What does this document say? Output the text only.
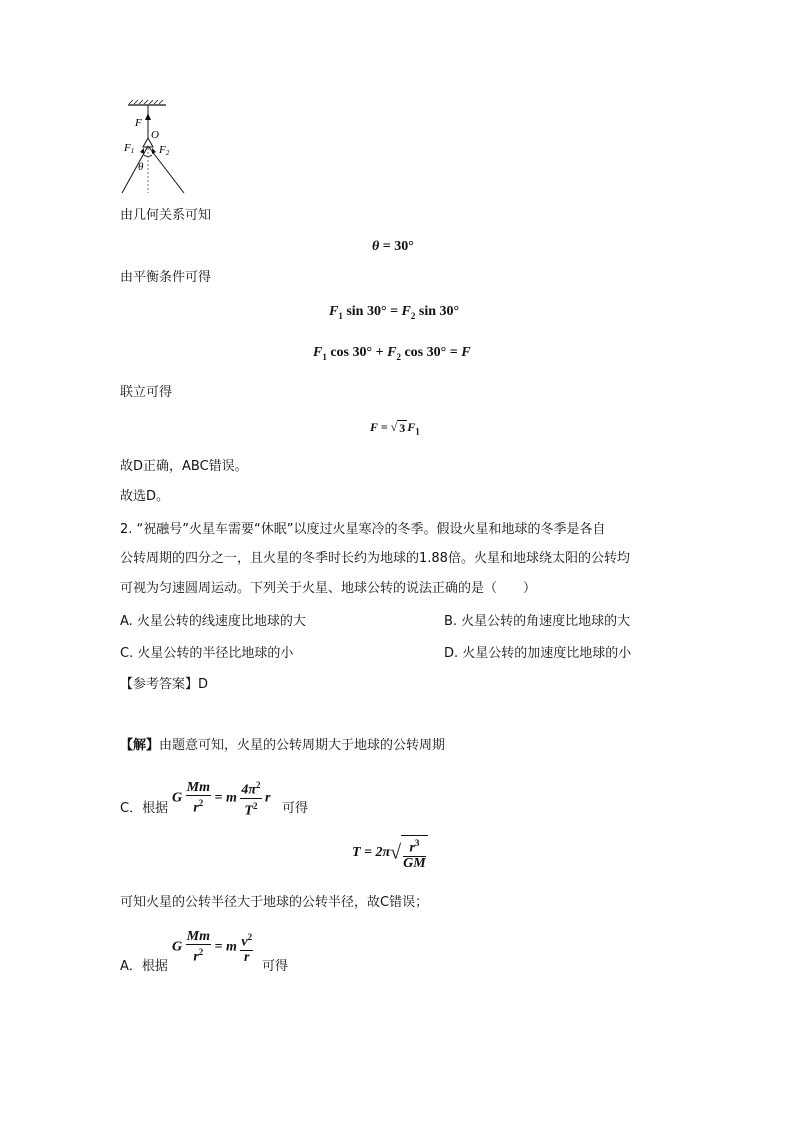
F
O
F1 F2
θ
由几何关系可知
θ = 30°
由平衡条件可得
$F_1$ $\sin 30^\circ = F_2$ sin 30°
$F_1$ $\cos 30^\circ + F_2$ cos 30° = F
联立可得
F = √ 3 $F_1$
故D正确，ABC错误。
故选D。
2. “祝融号”火星车需要“休眠”以度过火星寒冷的冬季。假设火星和地球的冬季是各自
公转周期的四分之一，且火星的冬季时长约为地球的1.88倍。火星和地球绕太阳的公转均
可视为匀速圆周运动。下列关于火星、地球公转的说法正确的是（　　）
A. 火星公转的线速度比地球的大	B. 火星公转的角速度比地球的大
C. 火星公转的半径比地球的小	D. 火星公转的加速度比地球的小
【参考答案】D
【解】由题意可知，火星的公转周期大于地球的公转周期
C．根据
G $\frac{Mm}{r^2} = m \frac{4\pi^2}{T^2}$ r
可得
$T = 2\pi√ \frac{r^3}{GM}$
可知火星的公转半径大于地球的公转半径，故C错误；
A．根据
G $\frac{Mm}{r^2} = m \frac{v^2}{r}$
可得
